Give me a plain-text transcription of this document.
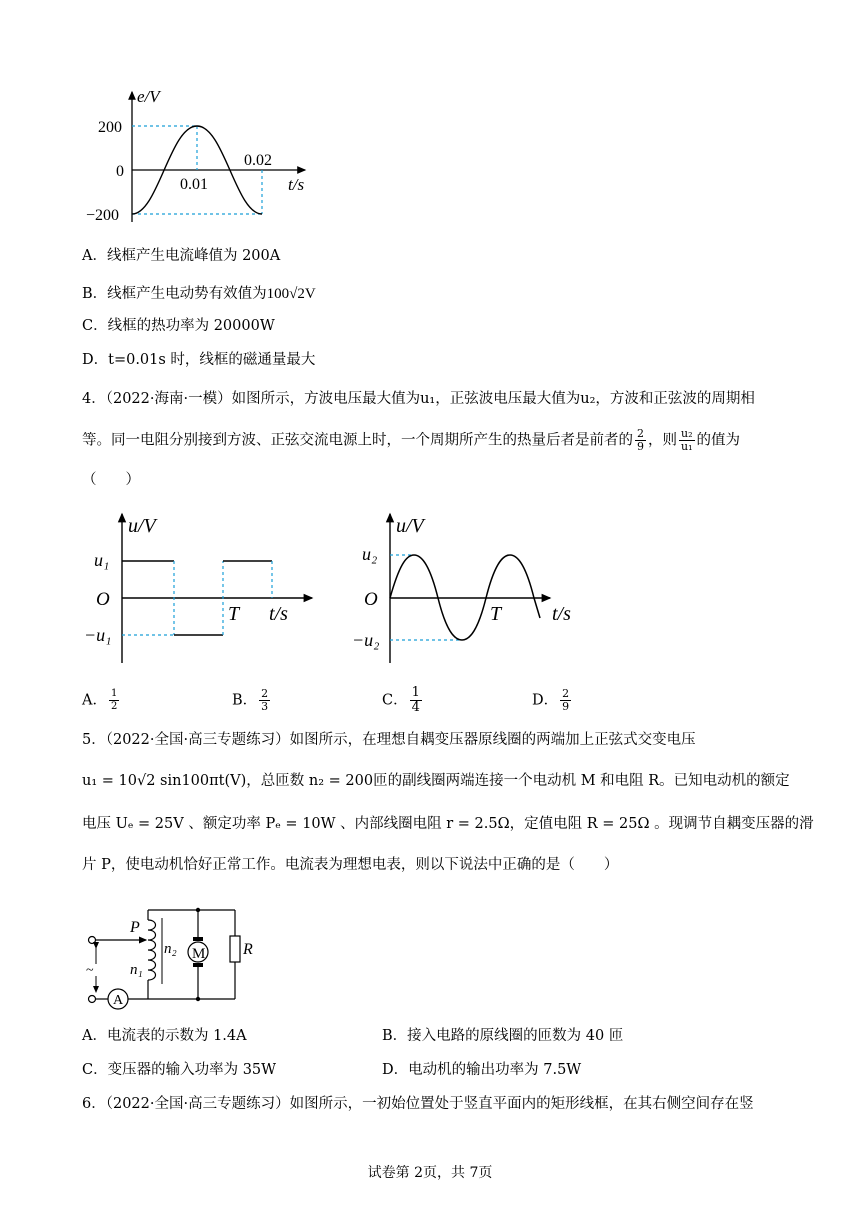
e/V
t/s
200
0
−200
0.01
0.02
A．线框产生电流峰值为 200A
B．线框产生电动势有效值为100√2V
C．线框的热功率为 20000W
D．t=0.01s 时，线框的磁通量最大
4．（2022·海南·一模）如图所示，方波电压最大值为u₁，正弦波电压最大值为u₂，方波和正弦波的周期相
等。同一电阻分别接到方波、正弦交流电源上时，一个周期所产生的热量后者是前者的 $\frac{2}{9}$ ，则 $\frac{\text{u₂}}{\text{u₁}}$ 的值为
（　　）
u/V
t/s
u₁
O
−u₁
T
u/V
t/s
u₂
O
−u₂
T
A． $\frac{1}{2}$	B． $\frac{2}{3}$	C． $\frac{1}{4}$	D． $\frac{2}{9}$
5．（2022·全国·高三专题练习）如图所示，在理想自耦变压器原线圈的两端加上正弦式交变电压
u₁ = 10√2 sin100πt(V)，总匝数 n₂ = 200匝的副线圈两端连接一个电动机 M 和电阻 R。已知电动机的额定
电压 Uₑ = 25V 、额定功率 Pₑ = 10W 、内部线圈电阻 r = 2.5Ω，定值电阻 R = 25Ω 。现调节自耦变压器的滑
片 P，使电动机恰好正常工作。电流表为理想电表，则以下说法中正确的是（　　）
~
P
A
n₂
n₁
M R
A．电流表的示数为 1.4A	B．接入电路的原线圈的匝数为 40 匝
C．变压器的输入功率为 35W	D．电动机的输出功率为 7.5W
6．（2022·全国·高三专题练习）如图所示，一初始位置处于竖直平面内的矩形线框，在其右侧空间存在竖
试卷第 2页，共 7页
